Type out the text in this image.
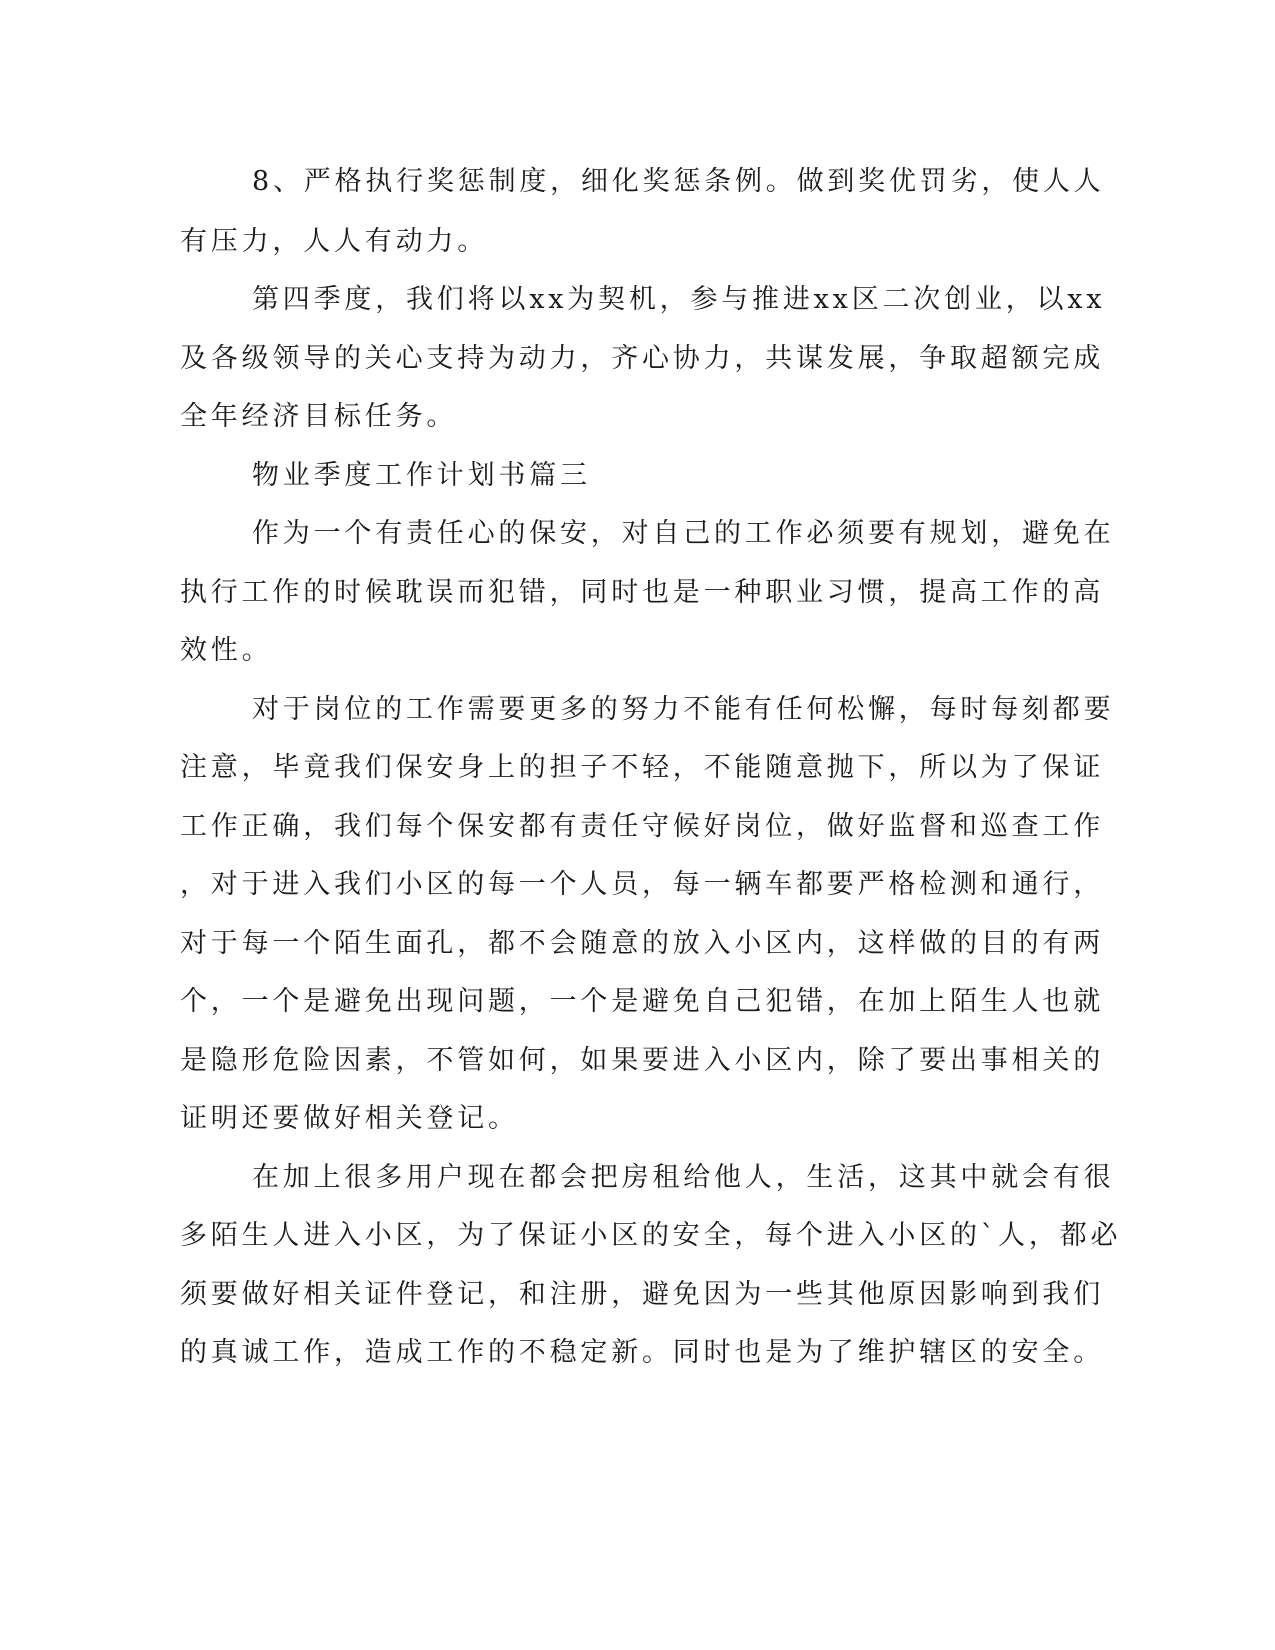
8、严格执行奖惩制度，细化奖惩条例。做到奖优罚劣，使人人
有压力，人人有动力。
第四季度，我们将以xx为契机，参与推进xx区二次创业，以xx
及各级领导的关心支持为动力，齐心协力，共谋发展，争取超额完成
全年经济目标任务。
物业季度工作计划书篇三
作为一个有责任心的保安，对自己的工作必须要有规划，避免在
执行工作的时候耽误而犯错，同时也是一种职业习惯，提高工作的高
效性。
对于岗位的工作需要更多的努力不能有任何松懈，每时每刻都要
注意，毕竟我们保安身上的担子不轻，不能随意抛下，所以为了保证
工作正确，我们每个保安都有责任守候好岗位，做好监督和巡查工作
，对于进入我们小区的每一个人员，每一辆车都要严格检测和通行，
对于每一个陌生面孔，都不会随意的放入小区内，这样做的目的有两
个，一个是避免出现问题，一个是避免自己犯错，在加上陌生人也就
是隐形危险因素，不管如何，如果要进入小区内，除了要出事相关的
证明还要做好相关登记。
在加上很多用户现在都会把房租给他人，生活，这其中就会有很
多陌生人进入小区，为了保证小区的安全，每个进入小区的`人，都必
须要做好相关证件登记，和注册，避免因为一些其他原因影响到我们
的真诚工作，造成工作的不稳定新。同时也是为了维护辖区的安全。
